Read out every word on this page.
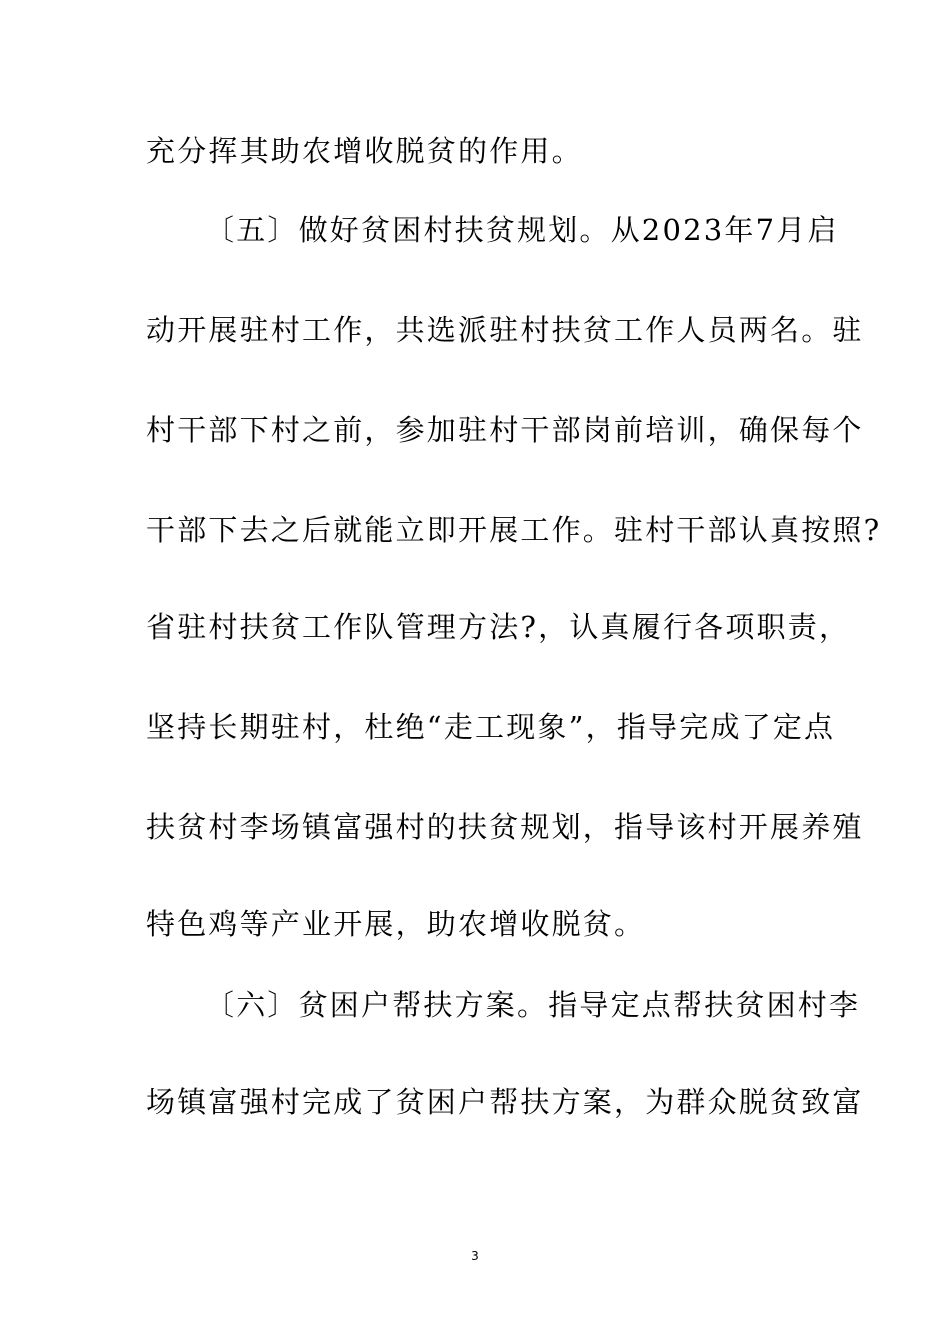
充分挥其助农增收脱贫的作用。
〔五〕做好贫困村扶贫规划。从2023年7月启
动开展驻村工作，共选派驻村扶贫工作人员两名。驻
村干部下村之前，参加驻村干部岗前培训，确保每个
干部下去之后就能立即开展工作。驻村干部认真按照?
省驻村扶贫工作队管理方法?，认真履行各项职责，
坚持长期驻村，杜绝“走工现象”，指导完成了定点
扶贫村李场镇富强村的扶贫规划，指导该村开展养殖
特色鸡等产业开展，助农增收脱贫。
〔六〕贫困户帮扶方案。指导定点帮扶贫困村李
场镇富强村完成了贫困户帮扶方案，为群众脱贫致富
3
